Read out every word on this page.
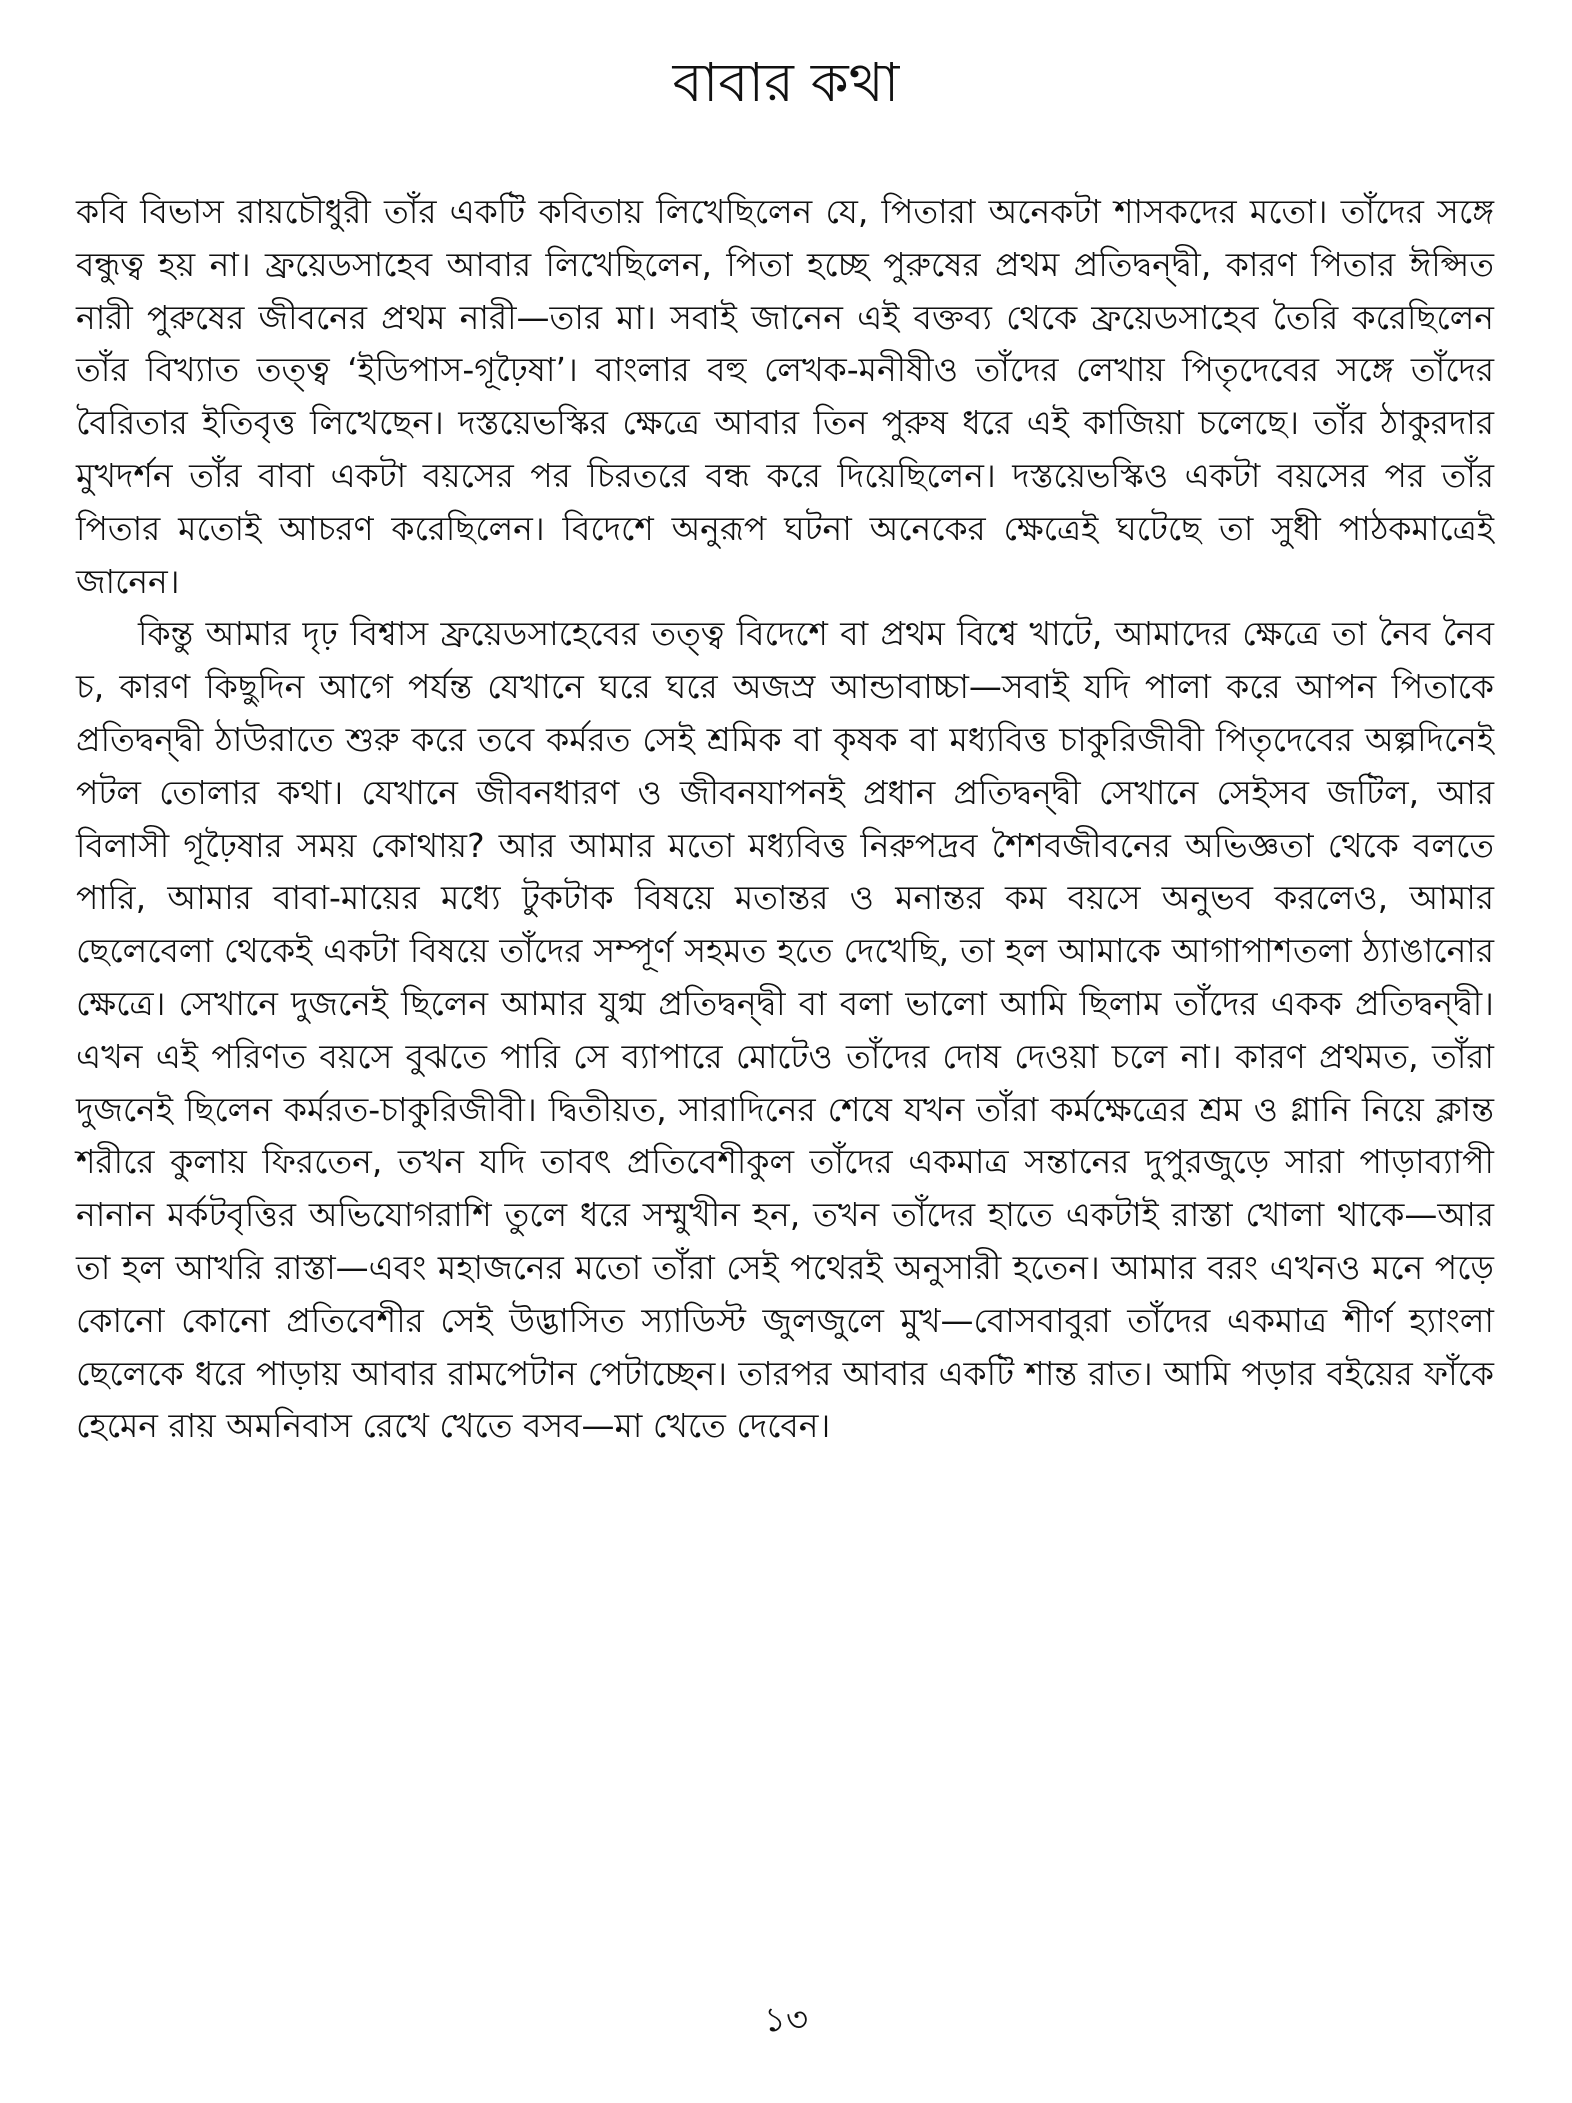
বাবার কথা

কবি বিভাস রায়চৌধুরী তাঁর একটি কবিতায় লিখেছিলেন যে, পিতারা অনেকটা শাসকদের মতো। তাঁদের সঙ্গে বন্ধুত্ব হয় না। ফ্রয়েডসাহেব আবার লিখেছিলেন, পিতা হচ্ছে পুরুষের প্রথম প্রতিদ্বন্দ্বী, কারণ পিতার ঈপ্সিত নারী পুরুষের জীবনের প্রথম নারী—তার মা। সবাই জানেন এই বক্তব্য থেকে ফ্রয়েডসাহেব তৈরি করেছিলেন তাঁর বিখ্যাত তত্ত্ব ‘ইডিপাস-গূঢ়ৈষা’। বাংলার বহু লেখক-মনীষীও তাঁদের লেখায় পিতৃদেবের সঙ্গে তাঁদের বৈরিতার ইতিবৃত্ত লিখেছেন। দস্তয়েভস্কির ক্ষেত্রে আবার তিন পুরুষ ধরে এই কাজিয়া চলেছে। তাঁর ঠাকুরদার মুখদর্শন তাঁর বাবা একটা বয়সের পর চিরতরে বন্ধ করে দিয়েছিলেন। দস্তয়েভস্কিও একটা বয়সের পর তাঁর পিতার মতোই আচরণ করেছিলেন। বিদেশে অনুরূপ ঘটনা অনেকের ক্ষেত্রেই ঘটেছে তা সুধী পাঠকমাত্রেই জানেন।

কিন্তু আমার দৃঢ় বিশ্বাস ফ্রয়েডসাহেবের তত্ত্ব বিদেশে বা প্রথম বিশ্বে খাটে, আমাদের ক্ষেত্রে তা নৈব নৈব চ, কারণ কিছুদিন আগে পর্যন্ত যেখানে ঘরে ঘরে অজস্র আন্ডাবাচ্চা—সবাই যদি পালা করে আপন পিতাকে প্রতিদ্বন্দ্বী ঠাউরাতে শুরু করে তবে কর্মরত সেই শ্রমিক বা কৃষক বা মধ্যবিত্ত চাকুরিজীবী পিতৃদেবের অল্পদিনেই পটল তোলার কথা। যেখানে জীবনধারণ ও জীবনযাপনই প্রধান প্রতিদ্বন্দ্বী সেখানে সেইসব জটিল, আর বিলাসী গূঢ়ৈষার সময় কোথায়? আর আমার মতো মধ্যবিত্ত নিরুপদ্রব শৈশবজীবনের অভিজ্ঞতা থেকে বলতে পারি, আমার বাবা-মায়ের মধ্যে টুকটাক বিষয়ে মতান্তর ও মনান্তর কম বয়সে অনুভব করলেও, আমার ছেলেবেলা থেকেই একটা বিষয়ে তাঁদের সম্পূর্ণ সহমত হতে দেখেছি, তা হল আমাকে আগাপাশতলা ঠ্যাঙানোর ক্ষেত্রে। সেখানে দুজনেই ছিলেন আমার যুগ্ম প্রতিদ্বন্দ্বী বা বলা ভালো আমি ছিলাম তাঁদের একক প্রতিদ্বন্দ্বী। এখন এই পরিণত বয়সে বুঝতে পারি সে ব্যাপারে মোটেও তাঁদের দোষ দেওয়া চলে না। কারণ প্রথমত, তাঁরা দুজনেই ছিলেন কর্মরত-চাকুরিজীবী। দ্বিতীয়ত, সারাদিনের শেষে যখন তাঁরা কর্মক্ষেত্রের শ্রম ও গ্লানি নিয়ে ক্লান্ত শরীরে কুলায় ফিরতেন, তখন যদি তাবৎ প্রতিবেশীকুল তাঁদের একমাত্র সন্তানের দুপুরজুড়ে সারা পাড়াব্যাপী নানান মর্কটবৃত্তির অভিযোগরাশি তুলে ধরে সম্মুখীন হন, তখন তাঁদের হাতে একটাই রাস্তা খোলা থাকে—আর তা হল আখরি রাস্তা—এবং মহাজনের মতো তাঁরা সেই পথেরই অনুসারী হতেন। আমার বরং এখনও মনে পড়ে কোনো কোনো প্রতিবেশীর সেই উদ্ভাসিত স্যাডিস্ট জুলজুলে মুখ—বোসবাবুরা তাঁদের একমাত্র শীর্ণ হ্যাংলা ছেলেকে ধরে পাড়ায় আবার রামপেটান পেটাচ্ছেন। তারপর আবার একটি শান্ত রাত। আমি পড়ার বইয়ের ফাঁকে হেমেন রায় অমনিবাস রেখে খেতে বসব—মা খেতে দেবেন।

১৩
